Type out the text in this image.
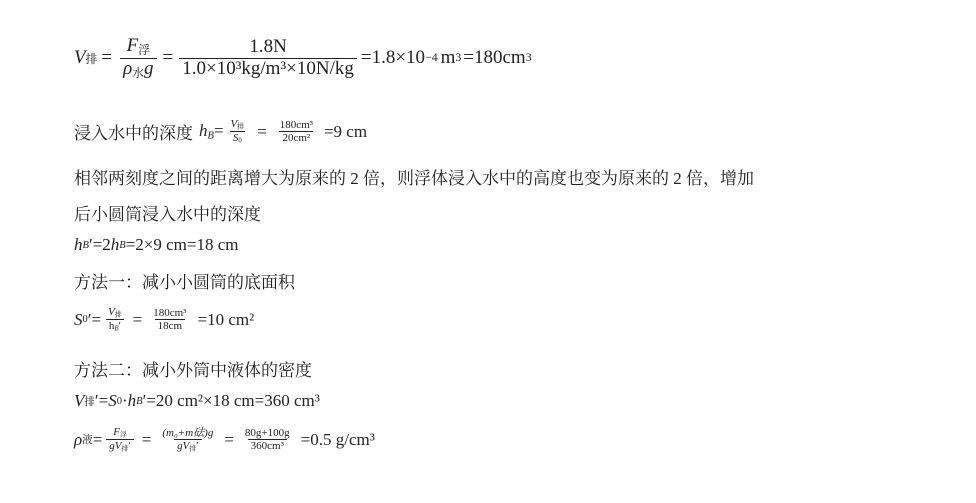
V 排 = $\frac{F_浮}{\rho_水g} = \frac{1.8N}{\text{1.0×10³kg/m³×10N/kg}} =1.8\times 10 -4$ m 3 =180cm 3
浸入水中的深度 $h_B= \frac{V_排}{S_0} = \frac{\text{180cm³}}{\text{20cm²}} =9$ cm
相邻两刻度之间的距离增大为原来的 2 倍，则浮体浸入水中的高度也变为原来的 2 倍，增加
后小圆筒浸入水中的深度
h B ′=2 h B =2×9 cm=18 cm
方法一：减小小圆筒的底面积
S 0 ′= $\frac{V_排}{h_B'} = \frac{\text{180cm³}}{18cm} =10$ cm²
方法二：减小外筒中液体的密度
V 排 ′= S 0 · h B ′=20 cm²×18 cm=360 cm³
ρ 液 = $\frac{F_浮}{gV_排'} = \frac{\text{(m₀+m砝)g}}{gV_排'} = \frac{80g+100g}{\text{360cm³}} =0.5$ g/cm³
